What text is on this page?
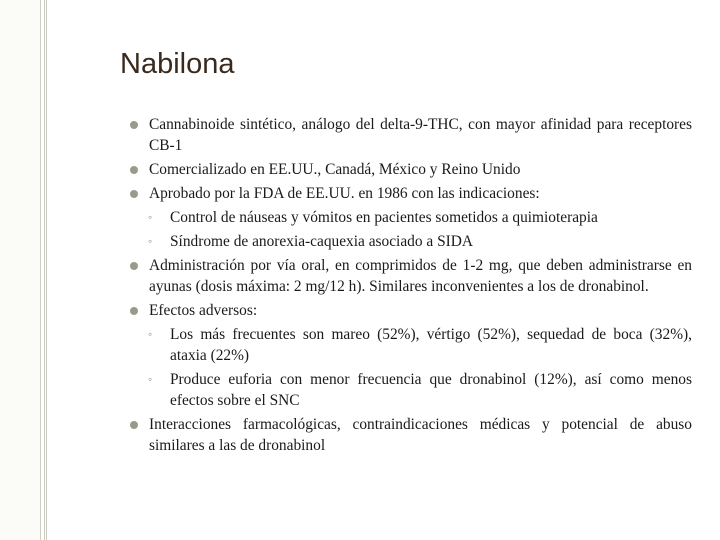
Nabilona
Cannabinoide sintético, análogo del delta-9-THC, con mayor afinidad para receptores CB-1
Comercializado en EE.UU., Canadá, México y Reino Unido
Aprobado por la FDA de EE.UU. en 1986 con las indicaciones:
◦ Control de náuseas y vómitos en pacientes sometidos a quimioterapia
◦ Síndrome de anorexia-caquexia asociado a SIDA
Administración por vía oral, en comprimidos de 1-2 mg, que deben administrarse en ayunas (dosis máxima: 2 mg/12 h). Similares inconvenientes a los de dronabinol.
Efectos adversos:
◦ Los más frecuentes son mareo (52%), vértigo (52%), sequedad de boca (32%), ataxia (22%)
◦ Produce euforia con menor frecuencia que dronabinol (12%), así como menos efectos sobre el SNC
Interacciones farmacológicas, contraindicaciones médicas y potencial de abuso similares a las de dronabinol
